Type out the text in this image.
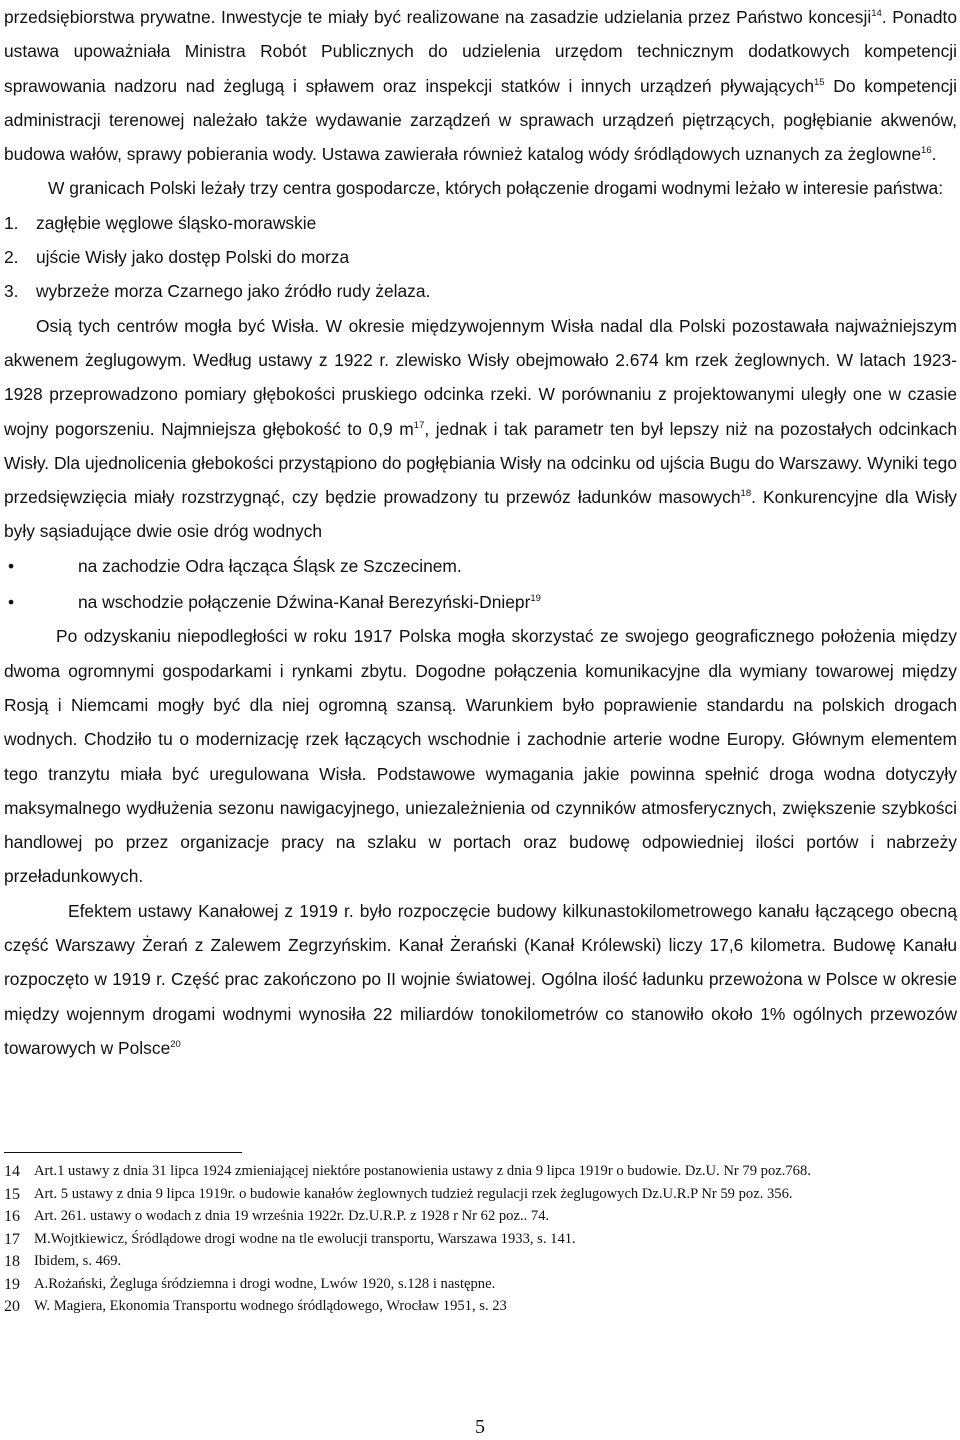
przedsiębiorstwa prywatne. Inwestycje te miały być realizowane na zasadzie udzielania przez Państwo koncesji$^{14}$. Ponadto ustawa upoważniała Ministra Robót Publicznych do udzielenia urzędom technicznym dodatkowych kompetencji sprawowania nadzoru nad żeglugą i spławem oraz inspekcji statków i innych urządzeń pływających$^{15}$ Do kompetencji administracji terenowej należało także wydawanie zarządzeń w sprawach urządzeń piętrzących, pogłębianie akwenów, budowa wałów, sprawy pobierania wody. Ustawa zawierała również katalog wódy śródlądowych uznanych za żeglowne$^{16}$.

W granicach Polski leżały trzy centra gospodarcze, których połączenie drogami wodnymi leżało w interesie państwa:

1.	zagłębie węglowe śląsko-morawskie
2.	ujście Wisły jako dostęp Polski do morza
3.	wybrzeże morza Czarnego jako źródło rudy żelaza.

Osią tych centrów mogła być Wisła. W okresie międzywojennym Wisła nadal dla Polski pozostawała najważniejszym akwenem żeglugowym. Według ustawy z 1922 r. zlewisko Wisły obejmowało 2.674 km rzek żeglownych. W latach 1923-1928 przeprowadzono pomiary głębokości pruskiego odcinka rzeki. W porównaniu z projektowanymi uległy one w czasie wojny pogorszeniu. Najmniejsza głębokość to 0,9 $m^{17}$, jednak i tak parametr ten był lepszy niż na pozostałych odcinkach Wisły. Dla ujednolicenia głebokości przystąpiono do pogłębiania Wisły na odcinku od ujścia Bugu do Warszawy. Wyniki tego przedsięwzięcia miały rozstrzygnąć, czy będzie prowadzony tu przewóz ładunków masowych$^{18}$. Konkurencyjne dla Wisły były sąsiadujące dwie osie dróg wodnych

•	na zachodzie Odra łącząca Śląsk ze Szczecinem.
•	na wschodzie połączenie Dźwina-Kanał Berezyński-Dniepr$^{19}$

Po odzyskaniu niepodległości w roku 1917 Polska mogła skorzystać ze swojego geograficznego położenia między dwoma ogromnymi gospodarkami i rynkami zbytu. Dogodne połączenia komunikacyjne dla wymiany towarowej między Rosją i Niemcami mogły być dla niej ogromną szansą. Warunkiem było poprawienie standardu na polskich drogach wodnych. Chodziło tu o modernizację rzek łączących wschodnie i zachodnie arterie wodne Europy. Głównym elementem tego tranzytu miała być uregulowana Wisła. Podstawowe wymagania jakie powinna spełnić droga wodna dotyczyły maksymalnego wydłużenia sezonu nawigacyjnego, uniezależnienia od czynników atmosferycznych, zwiększenie szybkości handlowej po przez organizacje pracy na szlaku w portach oraz budowę odpowiedniej ilości portów i nabrzeży przeładunkowych.

Efektem ustawy Kanałowej z 1919 r. było rozpoczęcie budowy kilkunastokilometrowego kanału łączącego obecną część Warszawy Żerań z Zalewem Zegrzyńskim. Kanał Żerański (Kanał Królewski) liczy 17,6 kilometra. Budowę Kanału rozpoczęto w 1919 r. Część prac zakończono po II wojnie światowej. Ogólna ilość ładunku przewożona w Polsce w okresie między wojennym drogami wodnymi wynosiła 22 miliardów tonokilometrów co stanowiło około 1% ogólnych przewozów towarowych w Polsce$^{20}$

14 Art.1 ustawy z dnia 31 lipca 1924 zmieniającej niektóre postanowienia ustawy z dnia 9 lipca 1919r o budowie. Dz.U. Nr 79 poz.768.
15 Art. 5 ustawy z dnia 9 lipca 1919r. o budowie kanałów żeglownych tudzież regulacji rzek żeglugowych Dz.U.R.P Nr 59 poz. 356.
16 Art. 261. ustawy o wodach z dnia 19 września 1922r. Dz.U.R.P. z 1928 r Nr 62 poz.. 74.
17 M.Wojtkiewicz, Śródlądowe drogi wodne na tle ewolucji transportu, Warszawa 1933, s. 141.
18 Ibidem, s. 469.
19 A.Rożański, Żegluga śródziemna i drogi wodne, Lwów 1920, s.128 i następne.
20 W. Magiera, Ekonomia Transportu wodnego śródlądowego, Wrocław 1951, s. 23
5
